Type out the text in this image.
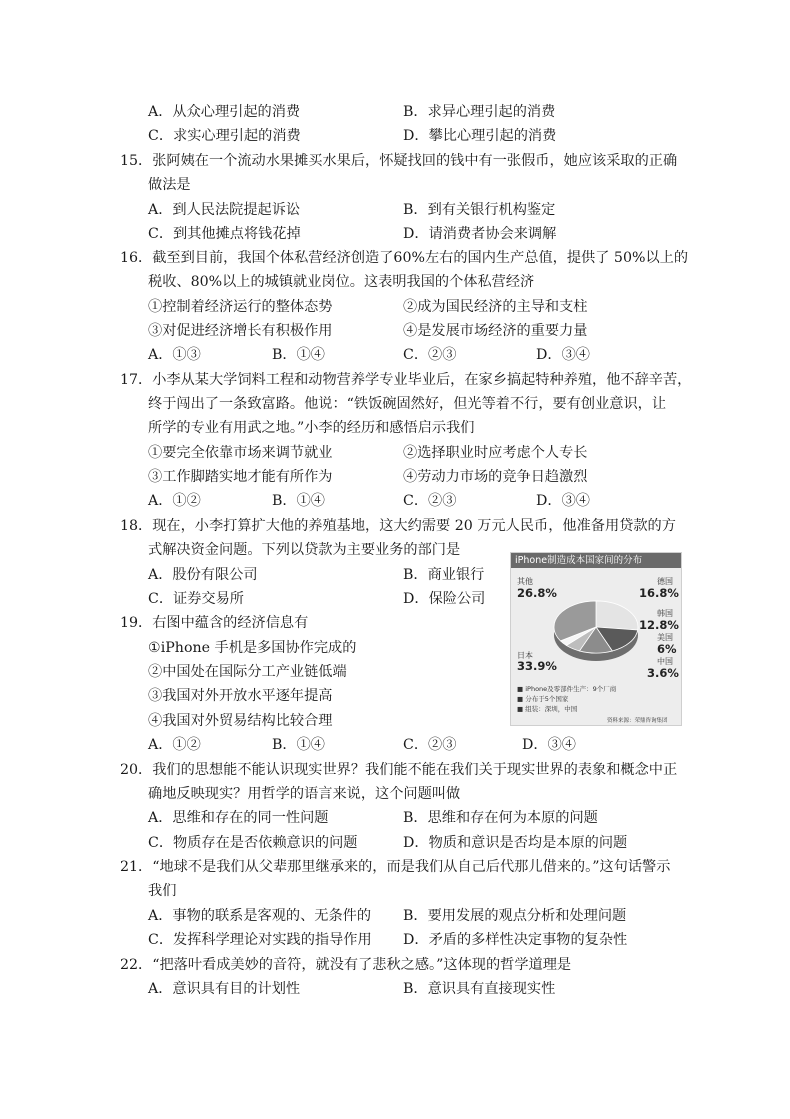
A．从众心理引起的消费	B．求异心理引起的消费
C．求实心理引起的消费	D．攀比心理引起的消费
15．张阿姨在一个流动水果摊买水果后，怀疑找回的钱中有一张假币，她应该采取的正确
做法是
A．到人民法院提起诉讼	B．到有关银行机构鉴定
C．到其他摊点将钱花掉	D．请消费者协会来调解
16．截至到目前，我国个体私营经济创造了60%左右的国内生产总值，提供了 50%以上的
税收、80%以上的城镇就业岗位。这表明我国的个体私营经济
①控制着经济运行的整体态势	②成为国民经济的主导和支柱
③对促进经济增长有积极作用	④是发展市场经济的重要力量
A．①③	B．①④	C．②③	D．③④
17．小李从某大学饲料工程和动物营养学专业毕业后，在家乡搞起特种养殖，他不辞辛苦，
终于闯出了一条致富路。他说：“铁饭碗固然好，但光等着不行，要有创业意识，让
所学的专业有用武之地。”小李的经历和感悟启示我们
①要完全依靠市场来调节就业	②选择职业时应考虑个人专长
③工作脚踏实地才能有所作为	④劳动力市场的竞争日趋激烈
A．①②	B．①④	C．②③	D．③④
18．现在，小李打算扩大他的养殖基地，这大约需要 20 万元人民币，他准备用贷款的方
式解决资金问题。下列以贷款为主要业务的部门是
A．股份有限公司	B．商业银行
C．证券交易所	D．保险公司
19．右图中蕴含的经济信息有
①iPhone 手机是多国协作完成的
②中国处在国际分工产业链低端
③我国对外开放水平逐年提高
④我国对外贸易结构比较合理
A．①②	B．①④	C．②③	D．③④
iPhone制造成本国家间的分布
其他
26.8%
德国
16.8%
韩国
12.8%
美国
6%
中国
3.6%
日本
33.9%
■ iPhone及零部件生产：9个厂商
■ 分布于5个国家
■ 组装：深圳，中国
资料来源：荣鼎咨询集团
20．我们的思想能不能认识现实世界？我们能不能在我们关于现实世界的表象和概念中正
确地反映现实？用哲学的语言来说，这个问题叫做
A．思维和存在的同一性问题	B．思维和存在何为本原的问题
C．物质存在是否依赖意识的问题	D．物质和意识是否均是本原的问题
21．“地球不是我们从父辈那里继承来的，而是我们从自己后代那儿借来的。”这句话警示
我们
A．事物的联系是客观的、无条件的 B．要用发展的观点分析和处理问题
C．发挥科学理论对实践的指导作用 D．矛盾的多样性决定事物的复杂性
22．“把落叶看成美妙的音符，就没有了悲秋之感。”这体现的哲学道理是
A．意识具有目的计划性	B．意识具有直接现实性
